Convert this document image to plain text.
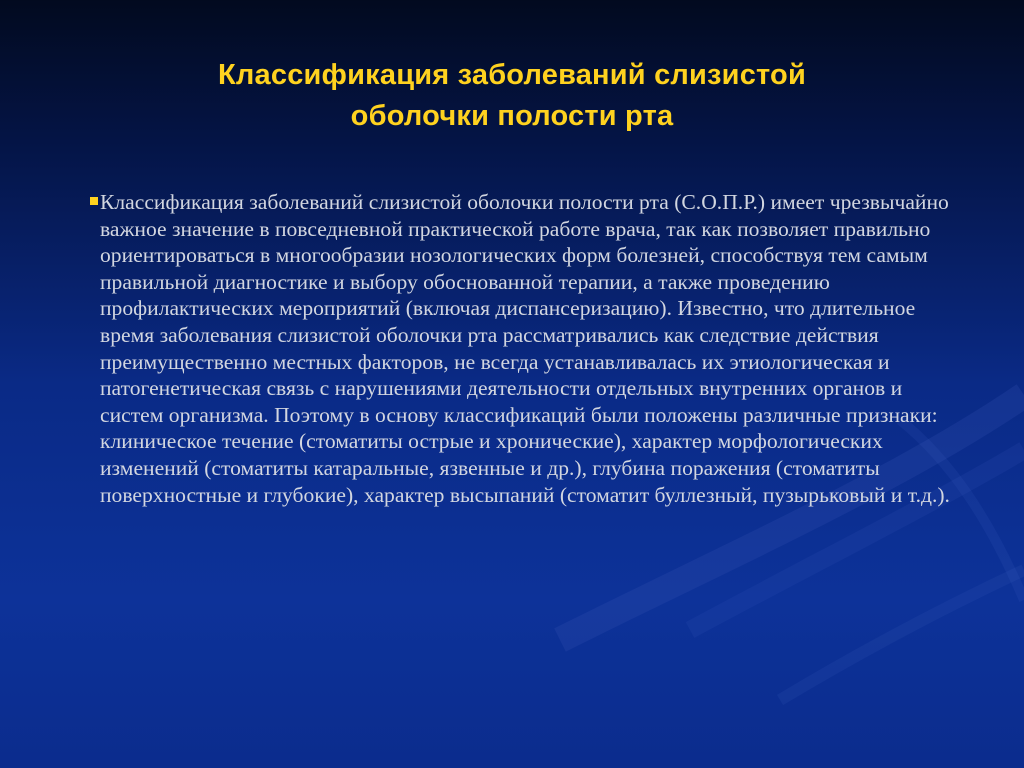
Классификация заболеваний слизистой
оболочки полости рта

Классификация заболеваний слизистой оболочки полости рта (С.О.П.Р.) имеет чрезвычайно важное значение в повседневной практической работе врача, так как позволяет правильно ориентироваться в многообразии нозологических форм болезней, способствуя тем самым правильной диагностике и выбору обоснованной терапии, а также проведению профилактических мероприятий (включая диспансеризацию). Известно, что длительное время заболевания слизистой оболочки рта рассматривались как следствие действия преимущественно местных факторов, не всегда устанавливалась их этиологическая и патогенетическая связь с нарушениями деятельности отдельных внутренних органов и систем организма. Поэтому в основу классификаций были положены различные признаки: клиническое течение (стоматиты острые и хронические), характер морфологических изменений (стоматиты катаральные, язвенные и др.), глубина поражения (стоматиты поверхностные и глубокие), характер высыпаний (стоматит буллезный, пузырьковый и т.д.).
